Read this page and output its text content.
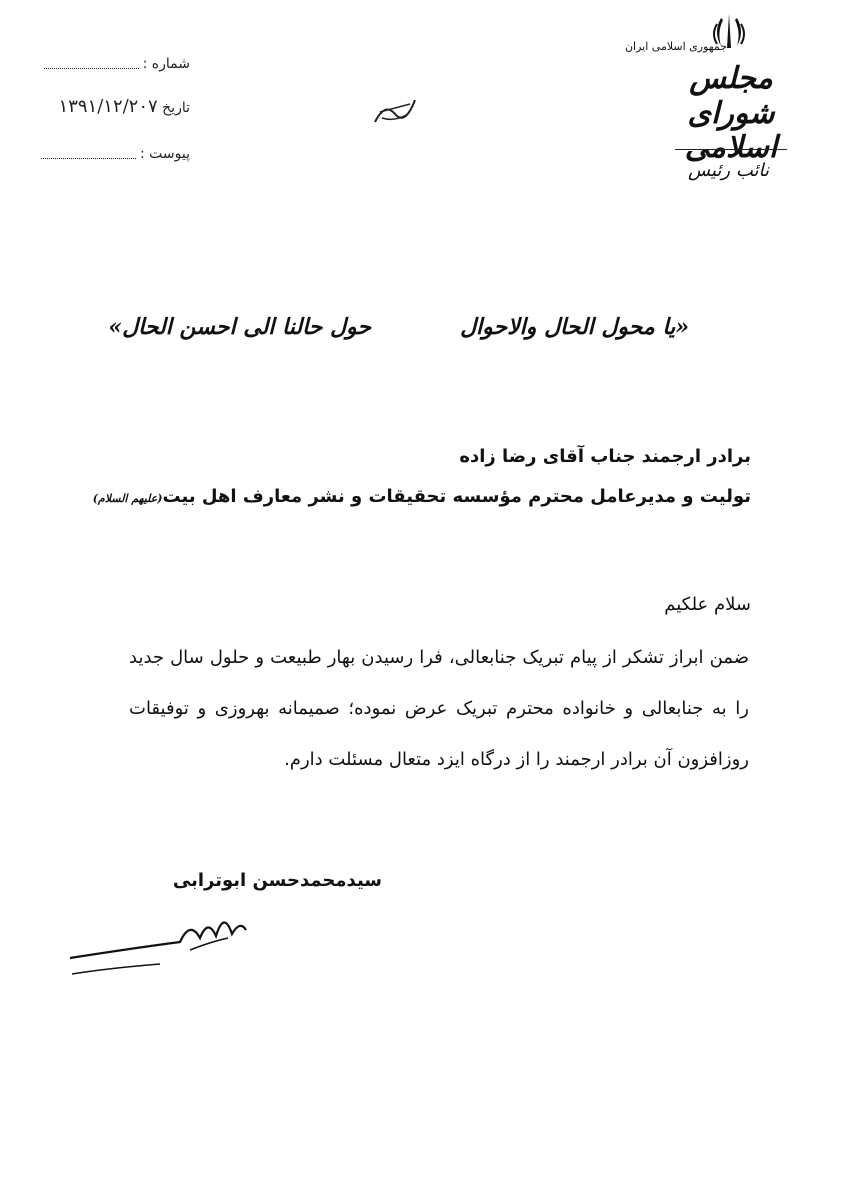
شماره :
تاریخ ۱۳۹۱/۱۲/۲۰۷
پیوست :
جمهوری اسلامی ایران
مجلس شورای اسلامی
نائب رئیس
«یا محول الحال والاحوال
حول حالنا الی احسن الحال»
برادر ارجمند جناب آقای رضا زاده
تولیت و مدیرعامل محترم مؤسسه تحقیقات و نشر معارف اهل بیت(علیهم السلام)
سلام علکیم
ضمن ابراز تشکر از پیام تبریک جنابعالی، فرا رسیدن بهار طبیعت و حلول سال جدید را به جنابعالی و خانواده محترم تبریک عرض نموده؛ صمیمانه بهروزی و توفیقات روزافزون آن برادر ارجمند را از درگاه ایزد متعال مسئلت دارم.
سیدمحمدحسن ابوترابی
